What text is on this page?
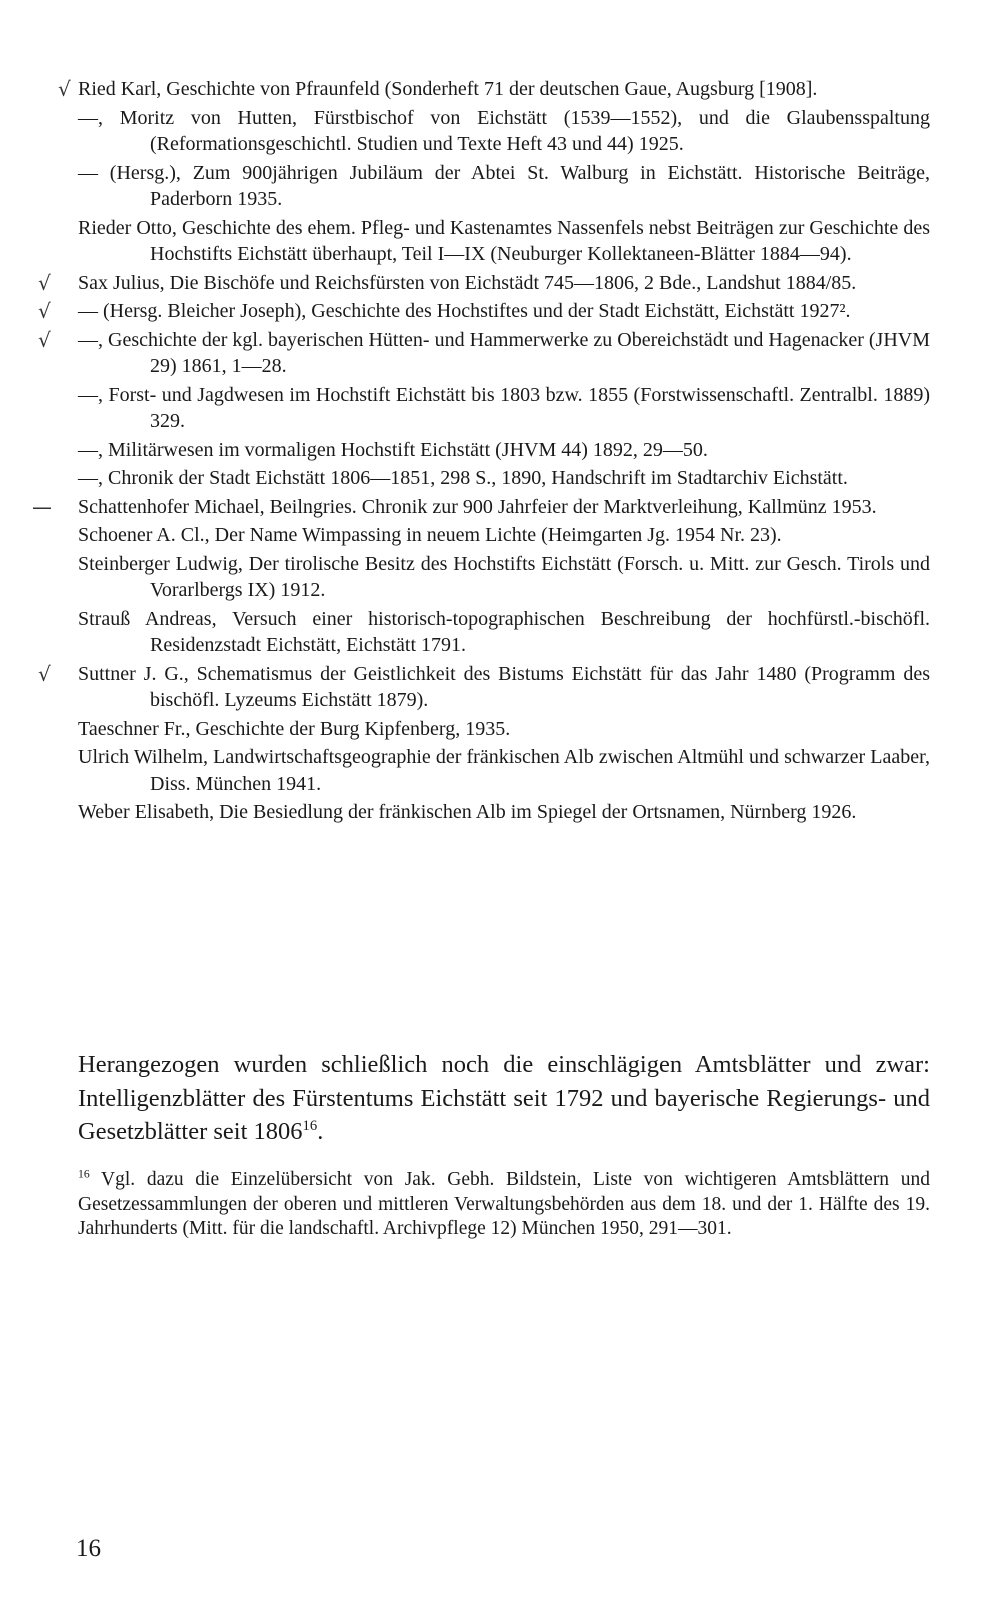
√ Ried Karl, Geschichte von Pfraunfeld (Sonderheft 71 der deutschen Gaue, Augsburg [1908].

—, Moritz von Hutten, Fürstbischof von Eichstätt (1539—1552), und die Glaubensspaltung (Reformationsgeschichtl. Studien und Texte Heft 43 und 44) 1925.

— (Hersg.), Zum 900jährigen Jubiläum der Abtei St. Walburg in Eichstätt. Historische Beiträge, Paderborn 1935.

Rieder Otto, Geschichte des ehem. Pfleg- und Kastenamtes Nassenfels nebst Beiträgen zur Geschichte des Hochstifts Eichstätt überhaupt, Teil I—IX (Neuburger Kollektaneen-Blätter 1884—94).

√ Sax Julius, Die Bischöfe und Reichsfürsten von Eichstädt 745—1806, 2 Bde., Landshut 1884/85.

√ — (Hersg. Bleicher Joseph), Geschichte des Hochstiftes und der Stadt Eichstätt, Eichstätt 1927².

√ —, Geschichte der kgl. bayerischen Hütten- und Hammerwerke zu Obereichstädt und Hagenacker (JHVM 29) 1861, 1—28.

—, Forst- und Jagdwesen im Hochstift Eichstätt bis 1803 bzw. 1855 (Forstwissenschaftl. Zentralbl. 1889) 329.

—, Militärwesen im vormaligen Hochstift Eichstätt (JHVM 44) 1892, 29—50.

—, Chronik der Stadt Eichstätt 1806—1851, 298 S., 1890, Handschrift im Stadtarchiv Eichstätt.

— Schattenhofer Michael, Beilngries. Chronik zur 900 Jahrfeier der Marktverleihung, Kallmünz 1953.

Schoener A. Cl., Der Name Wimpassing in neuem Lichte (Heimgarten Jg. 1954 Nr. 23).

Steinberger Ludwig, Der tirolische Besitz des Hochstifts Eichstätt (Forsch. u. Mitt. zur Gesch. Tirols und Vorarlbergs IX) 1912.

Strauß Andreas, Versuch einer historisch-topographischen Beschreibung der hochfürstl.-bischöfl. Residenzstadt Eichstätt, Eichstätt 1791.

√ Suttner J. G., Schematismus der Geistlichkeit des Bistums Eichstätt für das Jahr 1480 (Programm des bischöfl. Lyzeums Eichstätt 1879).

Taeschner Fr., Geschichte der Burg Kipfenberg, 1935.

Ulrich Wilhelm, Landwirtschaftsgeographie der fränkischen Alb zwischen Altmühl und schwarzer Laaber, Diss. München 1941.

Weber Elisabeth, Die Besiedlung der fränkischen Alb im Spiegel der Ortsnamen, Nürnberg 1926.

Herangezogen wurden schließlich noch die einschlägigen Amtsblätter und zwar: Intelligenzblätter des Fürstentums Eichstätt seit 1792 und bayerische Regierungs- und Gesetzblätter seit 1806$^{16}$.

$^{16}$ Vgl. dazu die Einzelübersicht von Jak. Gebh. Bildstein, Liste von wichtigeren Amtsblättern und Gesetzessammlungen der oberen und mittleren Verwaltungsbehörden aus dem 18. und der 1. Hälfte des 19. Jahrhunderts (Mitt. für die landschaftl. Archivpflege 12) München 1950, 291—301.

16
